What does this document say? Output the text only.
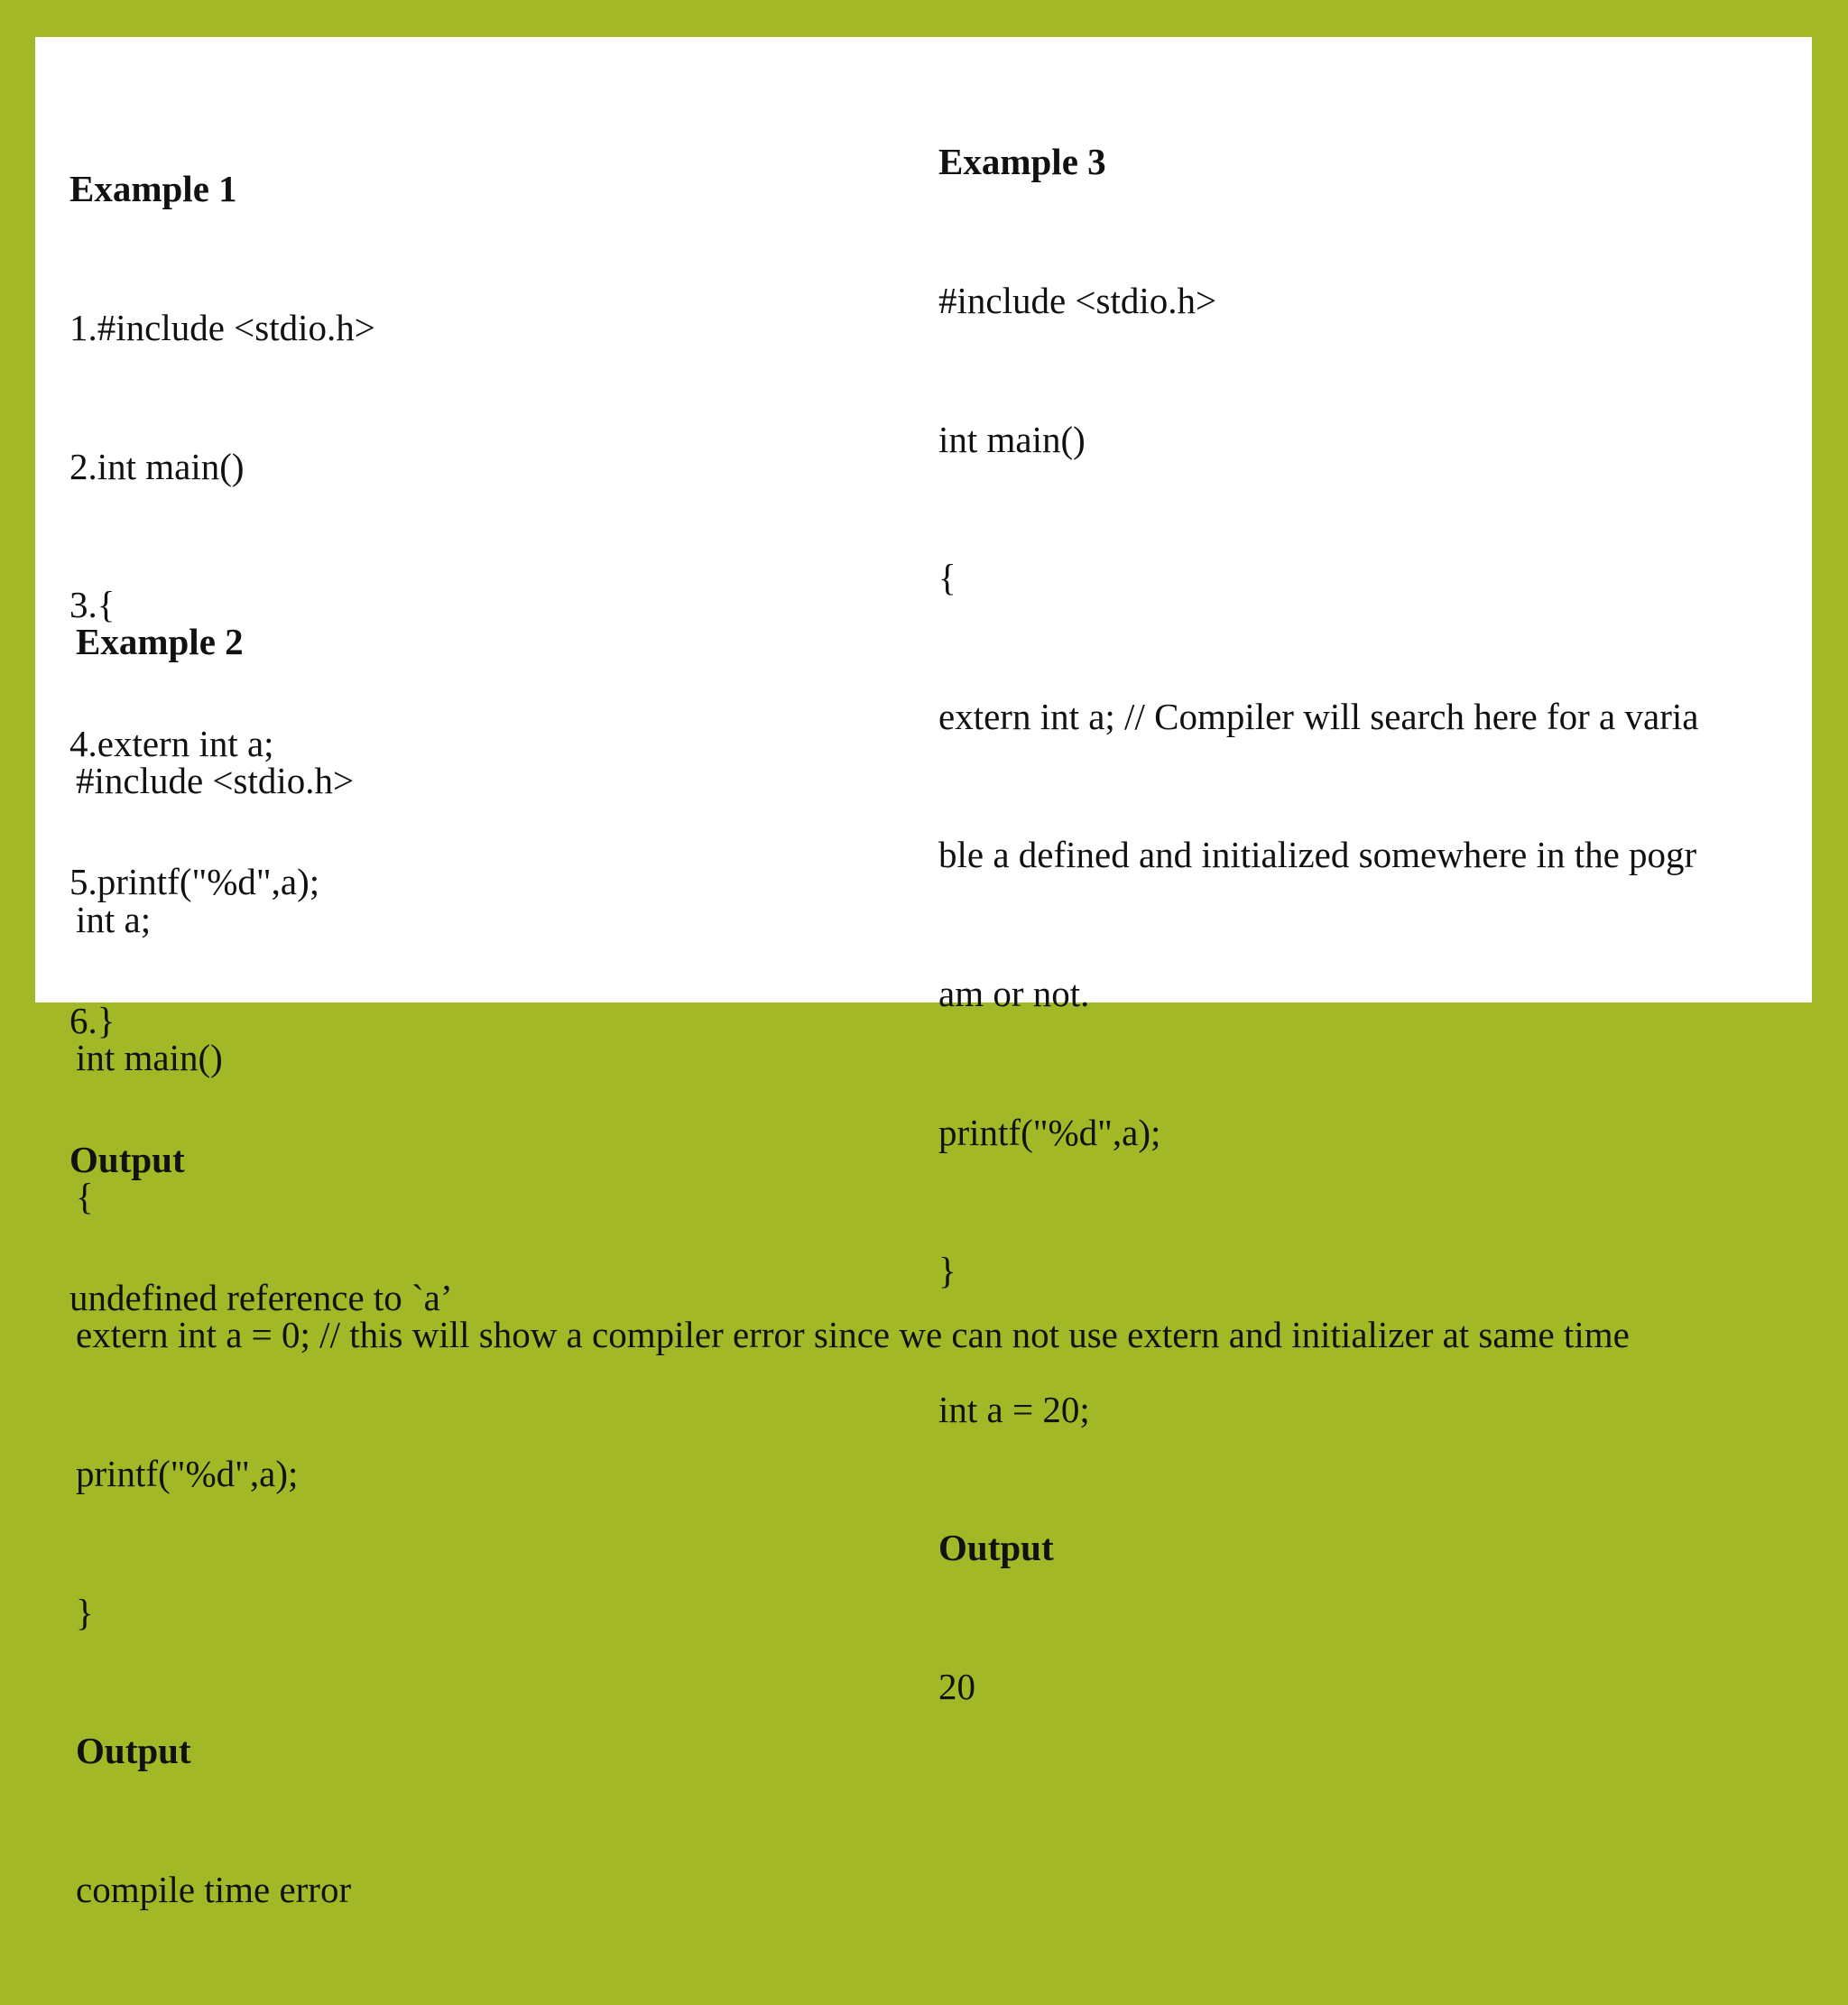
Example 1

1.#include <stdio.h>

2.int main()

3.{

4.extern int a;

5.printf("%d",a);

6.}

Output

undefined reference to `a’

Example 2

#include <stdio.h>

int a;

int main()

{

extern int a = 0; // this will show a compiler error since we can not use extern and initializer at same time

printf("%d",a);

}

Output

compile time error

Example 3

#include <stdio.h>

int main()

{

extern int a; // Compiler will search here for a varia

ble a defined and initialized somewhere in the pogr

am or not.

printf("%d",a);

}

int a = 20;

Output

20
